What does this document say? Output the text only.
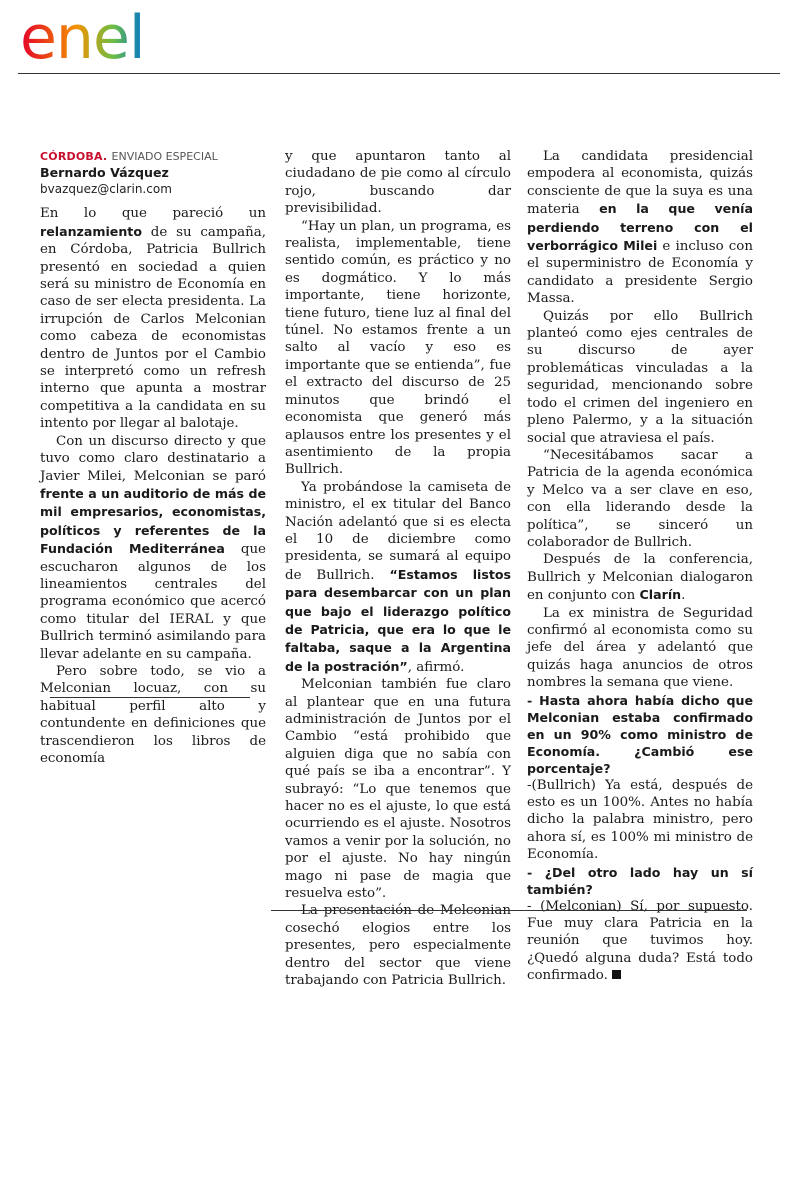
enel
CÓRDOBA. ENVIADO ESPECIAL
Bernardo Vázquez
bvazquez@clarin.com

En lo que pareció un relanzamiento de su campaña, en Córdoba, Patricia Bullrich presentó en sociedad a quien será su ministro de Economía en caso de ser electa presidenta. La irrupción de Carlos Melconian como cabeza de economistas dentro de Juntos por el Cambio se interpretó como un refresh interno que apunta a mostrar competitiva a la candidata en su intento por llegar al balotaje.

Con un discurso directo y que tuvo como claro destinatario a Javier Milei, Melconian se paró frente a un auditorio de más de mil empresarios, economistas, políticos y referentes de la Fundación Mediterránea que escucharon algunos de los lineamientos centrales del programa económico que acercó como titular del IERAL y que Bullrich terminó asimilando para llevar adelante en su campaña.

Pero sobre todo, se vio a Melconian locuaz, con su habitual perfil alto y contundente en definiciones que trascendieron los libros de economía

y que apuntaron tanto al ciudadano de pie como al círculo rojo, buscando dar previsibilidad.

“Hay un plan, un programa, es realista, implementable, tiene sentido común, es práctico y no es dogmático. Y lo más importante, tiene horizonte, tiene futuro, tiene luz al final del túnel. No estamos frente a un salto al vacío y eso es importante que se entienda”, fue el extracto del discurso de 25 minutos que brindó el economista que generó más aplausos entre los presentes y el asentimiento de la propia Bullrich.

Ya probándose la camiseta de ministro, el ex titular del Banco Nación adelantó que si es electa el 10 de diciembre como presidenta, se sumará al equipo de Bullrich. “Estamos listos para desembarcar con un plan que bajo el liderazgo político de Patricia, que era lo que le faltaba, saque a la Argentina de la postración”, afirmó.

Melconian también fue claro al plantear que en una futura administración de Juntos por el Cambio “está prohibido que alguien diga que no sabía con qué país se iba a encontrar”. Y subrayó: “Lo que tenemos que hacer no es el ajuste, lo que está ocurriendo es el ajuste. Nosotros vamos a venir por la solución, no por el ajuste. No hay ningún mago ni pase de magia que resuelva esto”.

La presentación de Melconian cosechó elogios entre los presentes, pero especialmente dentro del sector que viene trabajando con Patricia Bullrich.

La candidata presidencial empodera al economista, quizás consciente de que la suya es una materia en la que venía perdiendo terreno con el verborrágico Milei e incluso con el superministro de Economía y candidato a presidente Sergio Massa.

Quizás por ello Bullrich planteó como ejes centrales de su discurso de ayer problemáticas vinculadas a la seguridad, mencionando sobre todo el crimen del ingeniero en pleno Palermo, y a la situación social que atraviesa el país.

“Necesitábamos sacar a Patricia de la agenda económica y Melco va a ser clave en eso, con ella liderando desde la política”, se sinceró un colaborador de Bullrich.

Después de la conferencia, Bullrich y Melconian dialogaron en conjunto con Clarín.

La ex ministra de Seguridad confirmó al economista como su jefe del área y adelantó que quizás haga anuncios de otros nombres la semana que viene.

- Hasta ahora había dicho que Melconian estaba confirmado en un 90% como ministro de Economía. ¿Cambió ese porcentaje?

-(Bullrich) Ya está, después de esto es un 100%. Antes no había dicho la palabra ministro, pero ahora sí, es 100% mi ministro de Economía.

- ¿Del otro lado hay un sí también?

- (Melconian) Sí, por supuesto. Fue muy clara Patricia en la reunión que tuvimos hoy. ¿Quedó alguna duda? Está todo confirmado.
